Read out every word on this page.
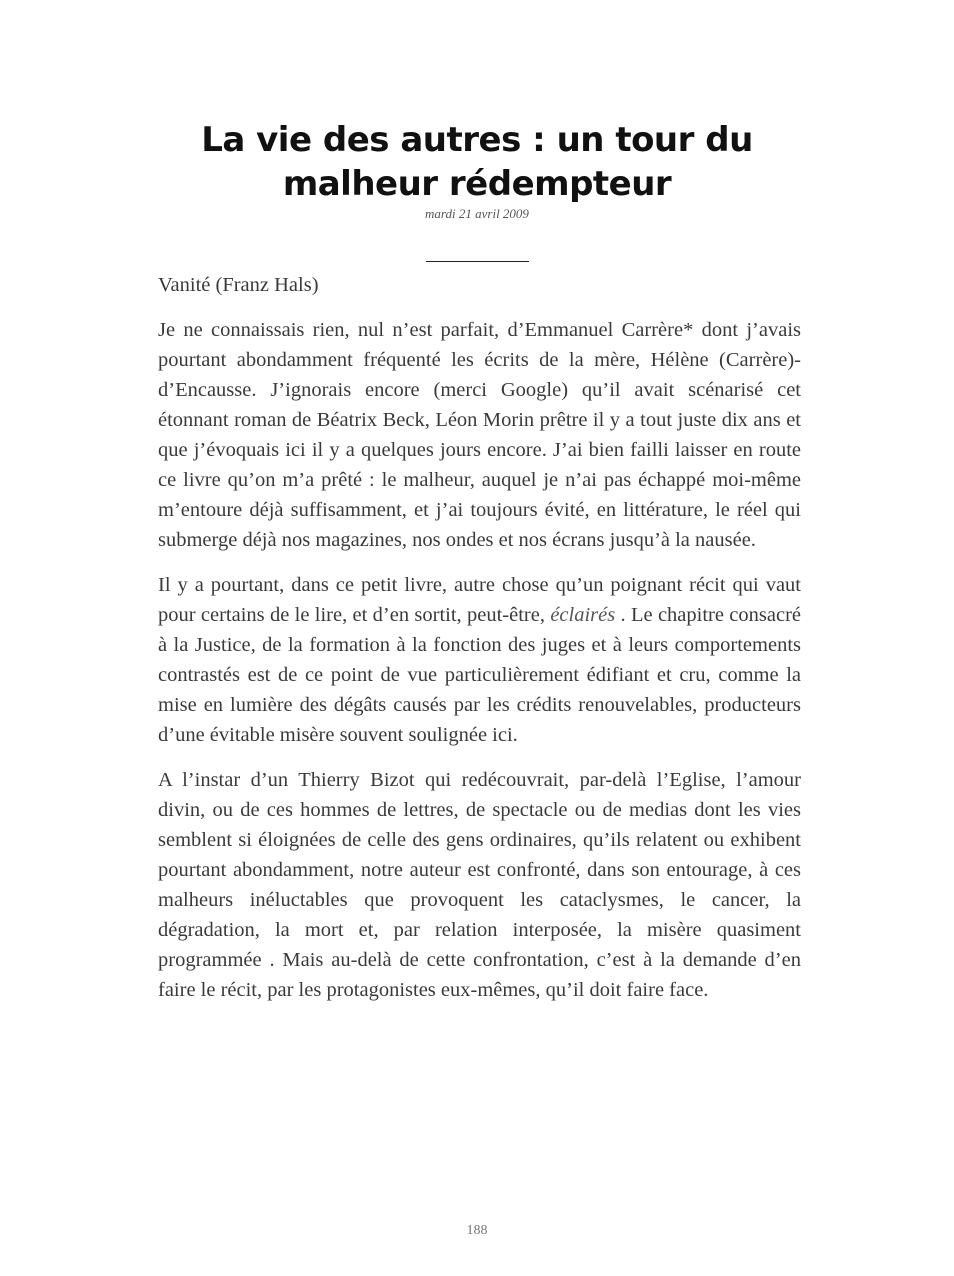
La vie des autres : un tour du malheur rédempteur
mardi 21 avril 2009

Vanité (Franz Hals)

Je ne connaissais rien, nul n’est parfait, d’Emmanuel Carrère* dont j’avais pourtant abondamment fréquenté les écrits de la mère, Hélène (Carrère)- d’Encausse. J’ignorais encore (merci Google) qu’il avait scénarisé cet étonnant roman de Béatrix Beck, Léon Morin prêtre il y a tout juste dix ans et que j’évoquais ici il y a quelques jours encore. J’ai bien failli laisser en route ce livre qu’on m’a prêté : le malheur, auquel je n’ai pas échappé moi-même m’entoure déjà suffisamment, et j’ai toujours évité, en littérature, le réel qui submerge déjà nos magazines, nos ondes et nos écrans jusqu’à la nausée.

Il y a pourtant, dans ce petit livre, autre chose qu’un poignant récit qui vaut pour certains de le lire, et d’en sortit, peut-être, éclairés . Le chapitre consacré à la Justice, de la formation à la fonction des juges et à leurs comportements contrastés est de ce point de vue particulièrement édifiant et cru, comme la mise en lumière des dégâts causés par les crédits renouvelables, producteurs d’une évitable misère souvent soulignée ici.

A l’instar d’un Thierry Bizot qui redécouvrait, par-delà l’Eglise, l’amour divin, ou de ces hommes de lettres, de spectacle ou de medias dont les vies semblent si éloignées de celle des gens ordinaires, qu’ils relatent ou exhibent pourtant abondamment, notre auteur est confronté, dans son entourage, à ces malheurs inéluctables que provoquent les cataclysmes, le cancer, la dégradation, la mort et, par relation interposée, la misère quasiment programmée . Mais au-delà de cette confrontation, c’est à la demande d’en faire le récit, par les protagonistes eux-mêmes, qu’il doit faire face.

188
